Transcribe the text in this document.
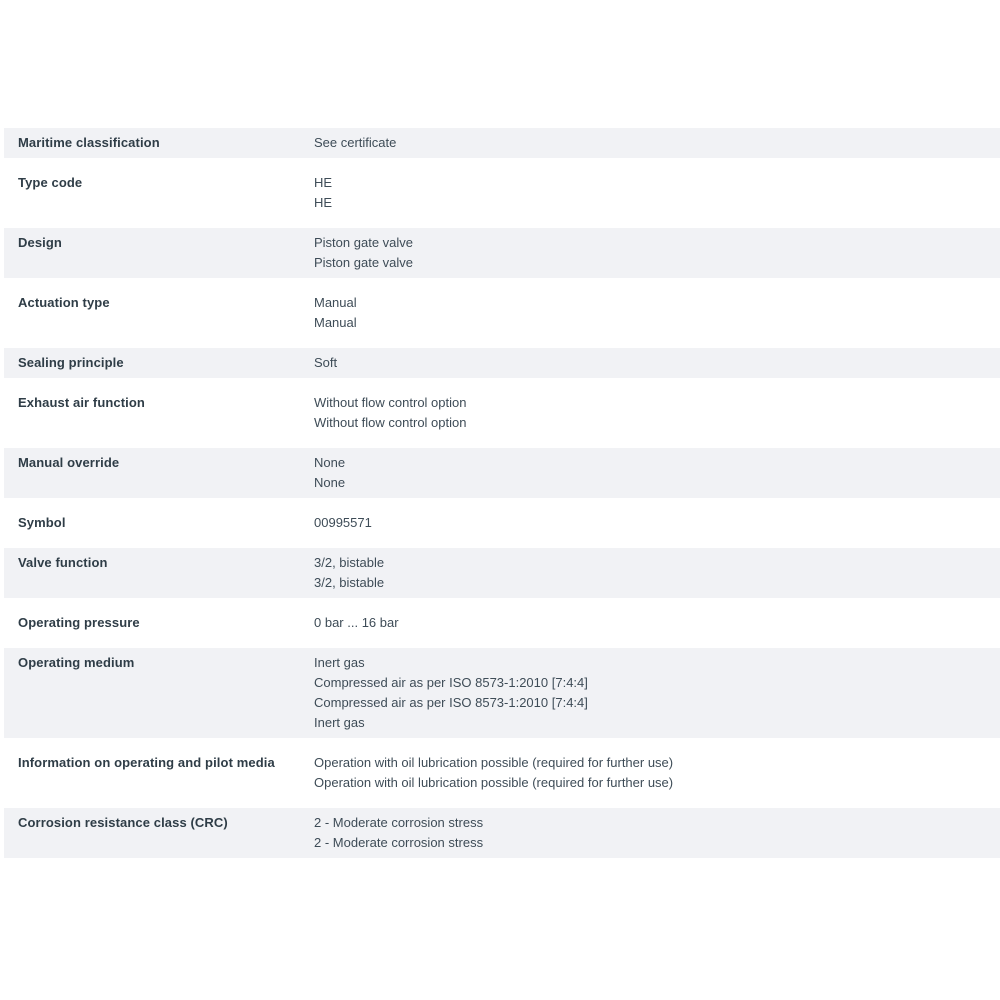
Maritime classification	See certificate
Type code	HE
HE
Design	Piston gate valve
Piston gate valve
Actuation type	Manual
Manual
Sealing principle	Soft
Exhaust air function	Without flow control option
Without flow control option
Manual override	None
None
Symbol	00995571
Valve function	3/2, bistable
3/2, bistable
Operating pressure	0 bar ... 16 bar
Operating medium	Inert gas
Compressed air as per ISO 8573-1:2010 [7:4:4]
Compressed air as per ISO 8573-1:2010 [7:4:4]
Inert gas
Information on operating and pilot media	Operation with oil lubrication possible (required for further use)
Operation with oil lubrication possible (required for further use)
Corrosion resistance class (CRC)	2 - Moderate corrosion stress
2 - Moderate corrosion stress
